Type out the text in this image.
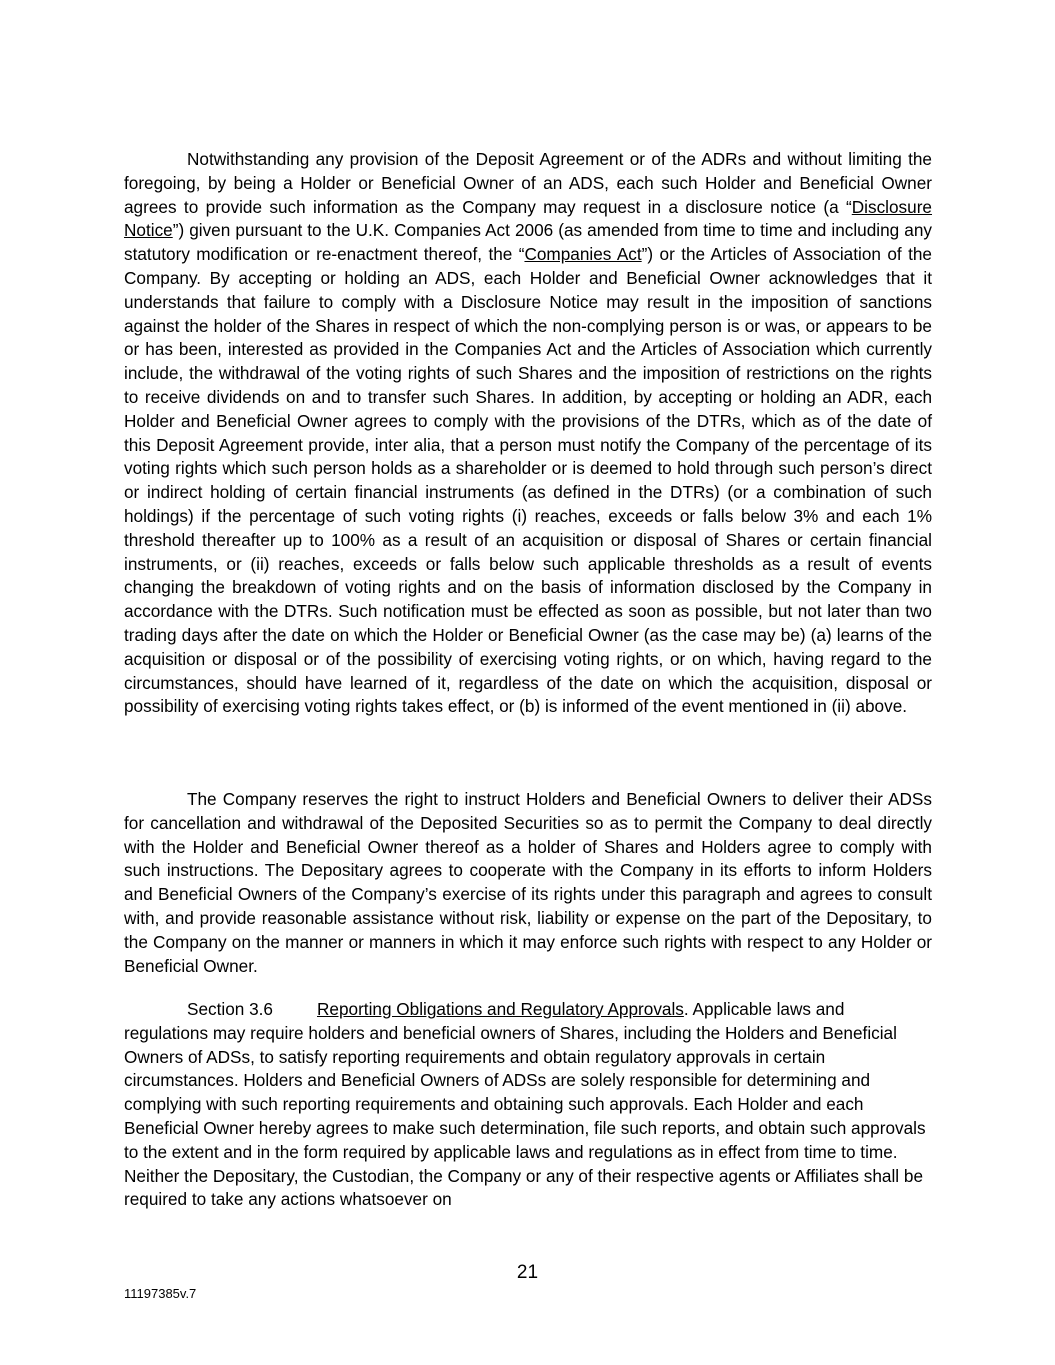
Notwithstanding any provision of the Deposit Agreement or of the ADRs and without limiting the foregoing, by being a Holder or Beneficial Owner of an ADS, each such Holder and Beneficial Owner agrees to provide such information as the Company may request in a disclosure notice (a “Disclosure Notice”) given pursuant to the U.K. Companies Act 2006 (as amended from time to time and including any statutory modification or re-enactment thereof, the “Companies Act”) or the Articles of Association of the Company. By accepting or holding an ADS, each Holder and Beneficial Owner acknowledges that it understands that failure to comply with a Disclosure Notice may result in the imposition of sanctions against the holder of the Shares in respect of which the non-complying person is or was, or appears to be or has been, interested as provided in the Companies Act and the Articles of Association which currently include, the withdrawal of the voting rights of such Shares and the imposition of restrictions on the rights to receive dividends on and to transfer such Shares. In addition, by accepting or holding an ADR, each Holder and Beneficial Owner agrees to comply with the provisions of the DTRs, which as of the date of this Deposit Agreement provide, inter alia, that a person must notify the Company of the percentage of its voting rights which such person holds as a shareholder or is deemed to hold through such person’s direct or indirect holding of certain financial instruments (as defined in the DTRs) (or a combination of such holdings) if the percentage of such voting rights (i) reaches, exceeds or falls below 3% and each 1% threshold thereafter up to 100% as a result of an acquisition or disposal of Shares or certain financial instruments, or (ii) reaches, exceeds or falls below such applicable thresholds as a result of events changing the breakdown of voting rights and on the basis of information disclosed by the Company in accordance with the DTRs. Such notification must be effected as soon as possible, but not later than two trading days after the date on which the Holder or Beneficial Owner (as the case may be) (a) learns of the acquisition or disposal or of the possibility of exercising voting rights, or on which, having regard to the circumstances, should have learned of it, regardless of the date on which the acquisition, disposal or possibility of exercising voting rights takes effect, or (b) is informed of the event mentioned in (ii) above.

The Company reserves the right to instruct Holders and Beneficial Owners to deliver their ADSs for cancellation and withdrawal of the Deposited Securities so as to permit the Company to deal directly with the Holder and Beneficial Owner thereof as a holder of Shares and Holders agree to comply with such instructions. The Depositary agrees to cooperate with the Company in its efforts to inform Holders and Beneficial Owners of the Company’s exercise of its rights under this paragraph and agrees to consult with, and provide reasonable assistance without risk, liability or expense on the part of the Depositary, to the Company on the manner or manners in which it may enforce such rights with respect to any Holder or Beneficial Owner.

Section 3.6	Reporting Obligations and Regulatory Approvals. Applicable laws and regulations may require holders and beneficial owners of Shares, including the Holders and Beneficial Owners of ADSs, to satisfy reporting requirements and obtain regulatory approvals in certain circumstances. Holders and Beneficial Owners of ADSs are solely responsible for determining and complying with such reporting requirements and obtaining such approvals. Each Holder and each Beneficial Owner hereby agrees to make such determination, file such reports, and obtain such approvals to the extent and in the form required by applicable laws and regulations as in effect from time to time. Neither the Depositary, the Custodian, the Company or any of their respective agents or Affiliates shall be required to take any actions whatsoever on

21
11197385v.7
